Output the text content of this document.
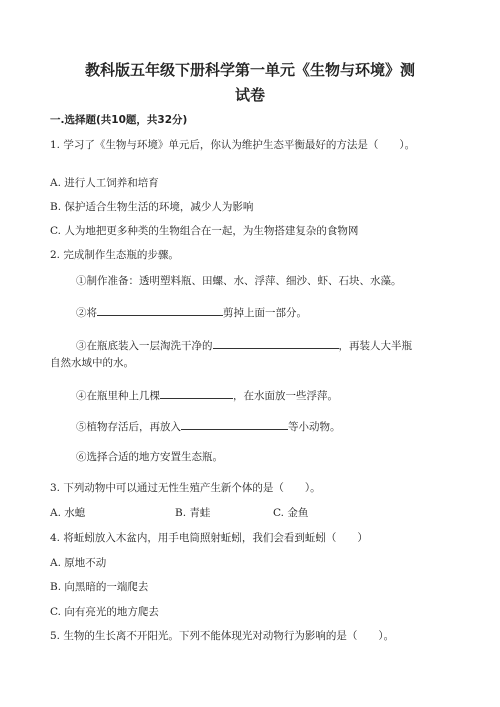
教科版五年级下册科学第一单元《生物与环境》测
试卷
一.选择题(共10题，共32分)
1. 学习了《生物与环境》单元后，你认为维护生态平衡最好的方法是（　　）。
A. 进行人工饲养和培育
B. 保护适合生物生活的环境，减少人为影响
C. 人为地把更多种类的生物组合在一起，为生物搭建复杂的食物网
2. 完成制作生态瓶的步骤。
①制作准备：透明塑料瓶、田螺、水、浮萍、细沙、虾、石块、水藻。
②将	剪掉上面一部分。
③在瓶底装入一层淘洗干净的	，再装人大半瓶
自然水域中的水。
④在瓶里种上几棵	，在水面放一些浮萍。
⑤植物存活后，再放入	等小动物。
⑥选择合适的地方安置生态瓶。
3. 下列动物中可以通过无性生殖产生新个体的是（　　）。
A. 水螅	B. 青蛙	C. 金鱼
4. 将蚯蚓放入木盆内，用手电筒照射蚯蚓，我们会看到蚯蚓（　　）
A. 原地不动
B. 向黑暗的一端爬去
C. 向有亮光的地方爬去
5. 生物的生长离不开阳光。下列不能体现光对动物行为影响的是（　　）。
